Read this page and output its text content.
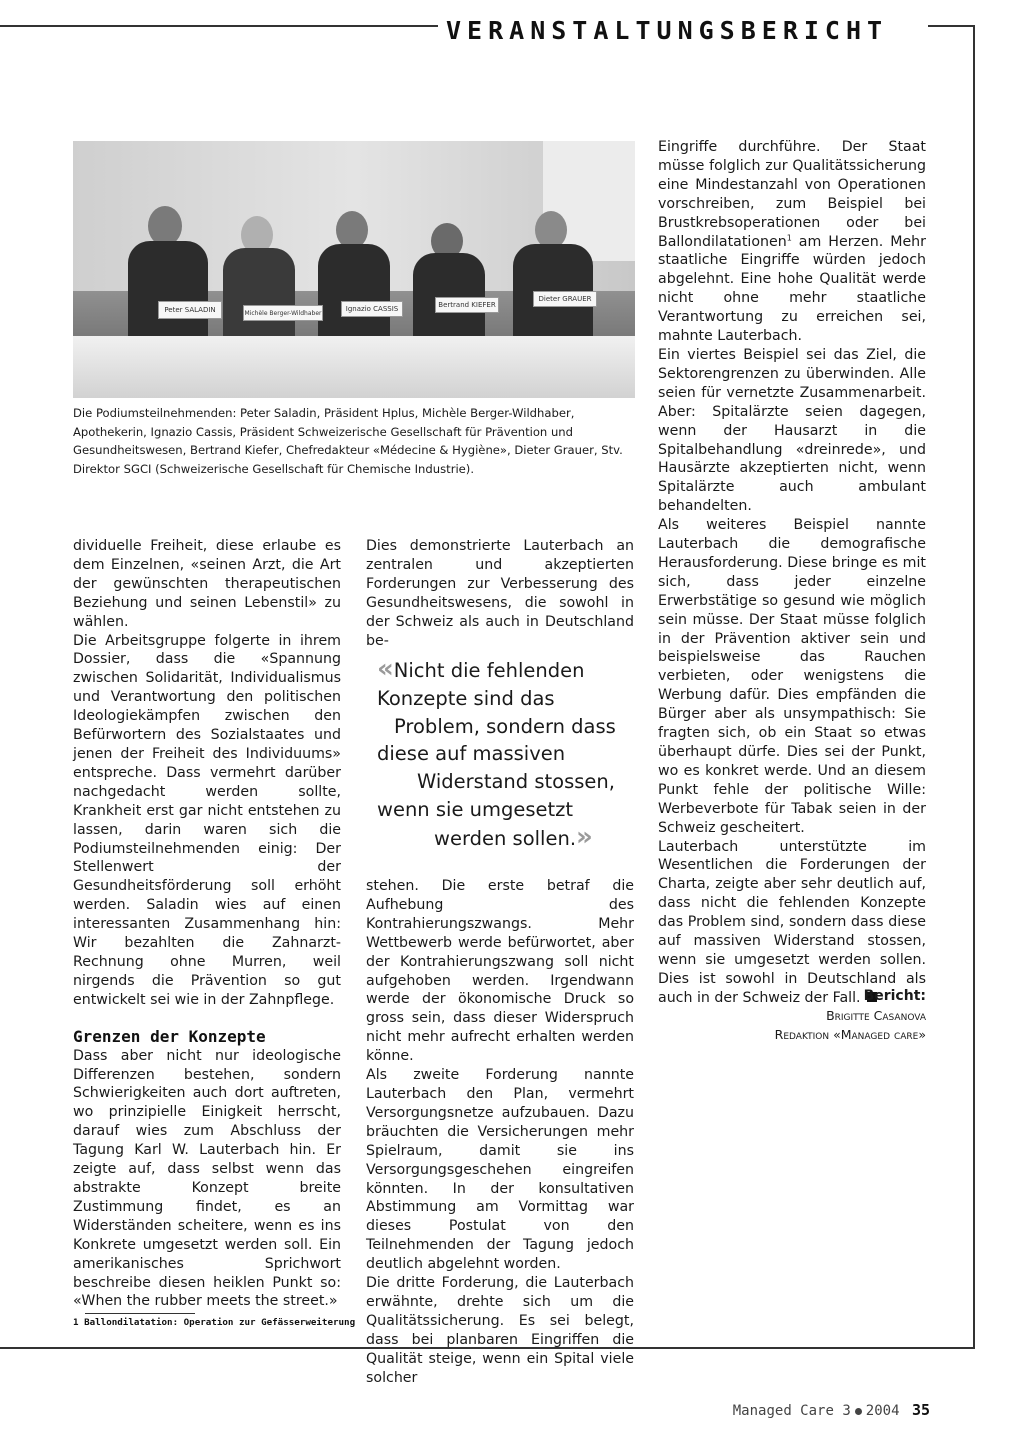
VERANSTALTUNGSBERICHT
Peter SALADIN	Michèle Berger-Wildhaber	Ignazio CASSIS	Bertrand KIEFER
Dieter GRAUER
Die Podiumsteilnehmenden: Peter Saladin, Präsident Hplus, Michèle Berger-Wildhaber, Apothekerin, Ignazio Cassis, Präsident Schweizerische Gesellschaft für Prävention und Gesundheitswesen, Bertrand Kiefer, Chefredakteur «Médecine & Hygiène», Dieter Grauer, Stv. Direktor SGCI (Schweizerische Gesellschaft für Chemische Industrie).

dividuelle Freiheit, diese erlaube es dem Einzelnen, «seinen Arzt, die Art der gewünschten therapeutischen Beziehung und seinen Lebenstil» zu wählen.

Die Arbeitsgruppe folgerte in ihrem Dossier, dass die «Spannung zwischen Solidarität, Individualismus und Verantwortung den politischen Ideologiekämpfen zwischen den Befürwortern des Sozialstaates und jenen der Freiheit des Individuums» entspreche. Dass vermehrt darüber nachgedacht werden sollte, Krankheit erst gar nicht entstehen zu lassen, darin waren sich die Podiumsteilnehmenden einig: Der Stellenwert der Gesundheitsförderung soll erhöht werden. Saladin wies auf einen interessanten Zusammenhang hin: Wir bezahlten die Zahnarzt-Rechnung ohne Murren, weil nirgends die Prävention so gut entwickelt sei wie in der Zahnpflege.

Grenzen der Konzepte

Dass aber nicht nur ideologische Differenzen bestehen, sondern Schwierigkeiten auch dort auftreten, wo prinzipielle Einigkeit herrscht, darauf wies zum Abschluss der Tagung Karl W. Lauterbach hin. Er zeigte auf, dass selbst wenn das abstrakte Konzept breite Zustimmung findet, es an Widerständen scheitere, wenn es ins Konkrete umgesetzt werden soll. Ein amerikanisches Sprichwort beschreibe diesen heiklen Punkt so: «When the rubber meets the street.»

Dies demonstrierte Lauterbach an zentralen und akzeptierten Forderungen zur Verbesserung des Gesundheitswesens, die sowohl in der Schweiz als auch in Deutschland be-

«Nicht die fehlenden
Konzepte sind das
Problem, sondern dass
diese auf massiven
Widerstand stossen,
wenn sie umgesetzt
werden sollen.»

stehen. Die erste betraf die Aufhebung des Kontrahierungszwangs. Mehr Wettbewerb werde befürwortet, aber der Kontrahierungszwang soll nicht aufgehoben werden. Irgendwann werde der ökonomische Druck so gross sein, dass dieser Widerspruch nicht mehr aufrecht erhalten werden könne.

Als zweite Forderung nannte Lauterbach den Plan, vermehrt Versorgungsnetze aufzubauen. Dazu bräuchten die Versicherungen mehr Spielraum, damit sie ins Versorgungsgeschehen eingreifen könnten. In der konsultativen Abstimmung am Vormittag war dieses Postulat von den Teilnehmenden der Tagung jedoch deutlich abgelehnt worden.

Die dritte Forderung, die Lauterbach erwähnte, drehte sich um die Qualitätssicherung. Es sei belegt, dass bei planbaren Eingriffen die Qualität steige, wenn ein Spital viele solcher

Eingriffe durchführe. Der Staat müsse folglich zur Qualitätssicherung eine Mindestanzahl von Operationen vorschreiben, zum Beispiel bei Brustkrebsoperationen oder bei Ballondilatationen$^1$ am Herzen. Mehr staatliche Eingriffe würden jedoch abgelehnt. Eine hohe Qualität werde nicht ohne mehr staatliche Verantwortung zu erreichen sei, mahnte Lauterbach.

Ein viertes Beispiel sei das Ziel, die Sektorengrenzen zu überwinden. Alle seien für vernetzte Zusammenarbeit. Aber: Spitalärzte seien dagegen, wenn der Hausarzt in die Spitalbehandlung «dreinrede», und Hausärzte akzeptierten nicht, wenn Spitalärzte auch ambulant behandelten.

Als weiteres Beispiel nannte Lauterbach die demografische Herausforderung. Diese bringe es mit sich, dass jeder einzelne Erwerbstätige so gesund wie möglich sein müsse. Der Staat müsse folglich in der Prävention aktiver sein und beispielsweise das Rauchen verbieten, oder wenigstens die Werbung dafür. Dies empfänden die Bürger aber als unsympathisch: Sie fragten sich, ob ein Staat so etwas überhaupt dürfe. Dies sei der Punkt, wo es konkret werde. Und an diesem Punkt fehle der politische Wille: Werbeverbote für Tabak seien in der Schweiz gescheitert.

Lauterbach unterstützte im Wesentlichen die Forderungen der Charta, zeigte aber sehr deutlich auf, dass nicht die fehlenden Konzepte das Problem sind, sondern dass diese auf massiven Widerstand stossen, wenn sie umgesetzt werden sollen. Dies ist sowohl in Deutschland als auch in der Schweiz der Fall. Bericht:
Brigitte Casanova
Redaktion «Managed care»
1 Ballondilatation: Operation zur Gefässerweiterung
Managed Care 3 2004 35
